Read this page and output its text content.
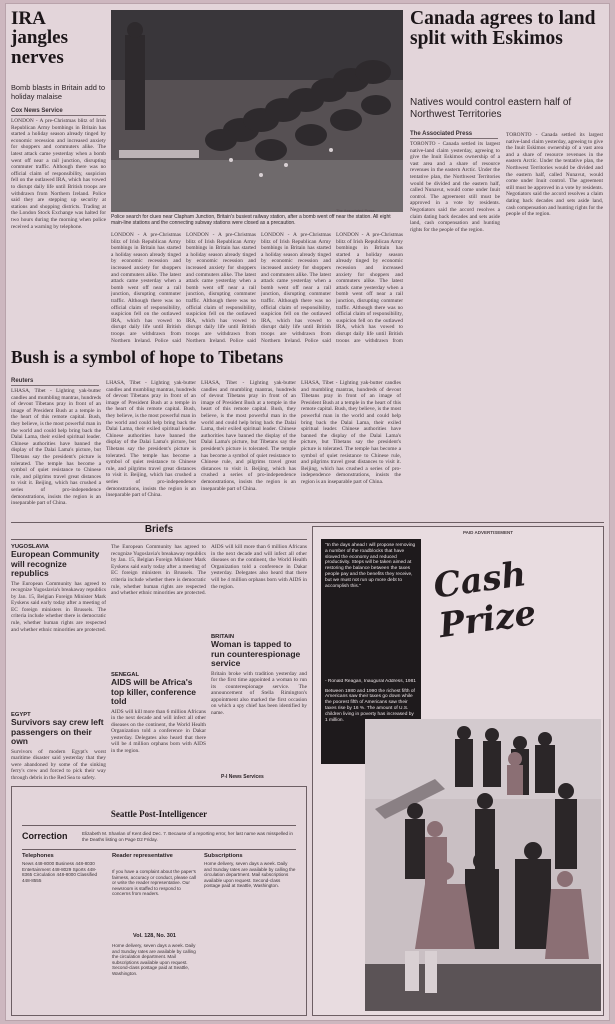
IRA jangles nerves
Bomb blasts in Britain add to holiday malaise
Cox News Service
LONDON - A pre-Christmas blitz of Irish Republican Army bombings in Britain has started a holiday season already tinged by economic recession and increased anxiety for shoppers and commuters alike. The latest attack came yesterday when a bomb went off near a rail junction, disrupting commuter traffic. Although there was no official claim of responsibility, suspicion fell on the outlawed IRA, which has vowed to disrupt daily life until British troops are withdrawn from Northern Ireland. Police said they are stepping up security at stations and shopping districts. Trading at the London Stock Exchange was halted for two hours during the morning when police received a warning by telephone.
Police search for clues near Clapham Junction, Britain's busiest railway station, after a bomb went off near the station. All eight main-line stations and the connecting subway stations were closed as a precaution.
The Associated Press
LONDON - A pre-Christmas blitz of Irish Republican Army bombings in Britain has started a holiday season already tinged by economic recession and increased anxiety for shoppers and commuters alike. The latest attack came yesterday when a bomb went off near a rail junction, disrupting commuter traffic. Although there was no official claim of responsibility, suspicion fell on the outlawed IRA, which has vowed to disrupt daily life until British troops are withdrawn from Northern Ireland. Police said
LONDON - A pre-Christmas blitz of Irish Republican Army bombings in Britain has started a holiday season already tinged by economic recession and increased anxiety for shoppers and commuters alike. The latest attack came yesterday when a bomb went off near a rail junction, disrupting commuter traffic. Although there was no official claim of responsibility, suspicion fell on the outlawed IRA, which has vowed to disrupt daily life until British troops are withdrawn from Northern Ireland. Police said
LONDON - A pre-Christmas blitz of Irish Republican Army bombings in Britain has started a holiday season already tinged by economic recession and increased anxiety for shoppers and commuters alike. The latest attack came yesterday when a bomb went off near a rail junction, disrupting commuter traffic. Although there was no official claim of responsibility, suspicion fell on the outlawed IRA, which has vowed to disrupt daily life until British troops are withdrawn from Northern Ireland. Police said
LONDON - A pre-Christmas blitz of Irish Republican Army bombings in Britain has started a holiday season already tinged by economic recession and increased anxiety for shoppers and commuters alike. The latest attack came yesterday when a bomb went off near a rail junction, disrupting commuter traffic. Although there was no official claim of responsibility, suspicion fell on the outlawed IRA, which has vowed to disrupt daily life until British troops are withdrawn from
Canada agrees to land split with Eskimos
Natives would control eastern half of Northwest Territories
The Associated Press
TORONTO - Canada settled its largest native-land claim yesterday, agreeing to give the Inuit Eskimos ownership of a vast area and a share of resource revenues in the eastern Arctic. Under the tentative plan, the Northwest Territories would be divided and the eastern half, called Nunavut, would come under Inuit control. The agreement still must be approved in a vote by residents. Negotiators said the accord resolves a claim dating back decades and sets aside land, cash compensation and hunting rights for the people of the region.
TORONTO - Canada settled its largest native-land claim yesterday, agreeing to give the Inuit Eskimos ownership of a vast area and a share of resource revenues in the eastern Arctic. Under the tentative plan, the Northwest Territories would be divided and the eastern half, called Nunavut, would come under Inuit control. The agreement still must be approved in a vote by residents. Negotiators said the accord resolves a claim dating back decades and sets aside land, cash compensation and hunting rights for the people of the region.
Bush is a symbol of hope to Tibetans
Reuters
LHASA, Tibet - Lighting yak-butter candles and mumbling mantras, hundreds of devout Tibetans pray in front of an image of President Bush at a temple in the heart of this remote capital. Bush, they believe, is the most powerful man in the world and could help bring back the Dalai Lama, their exiled spiritual leader. Chinese authorities have banned the display of the Dalai Lama's picture, but Tibetans say the president's picture is tolerated. The temple has become a symbol of quiet resistance to Chinese rule, and pilgrims travel great distances to visit it. Beijing, which has crushed a series of pro-independence demonstrations, insists the region is an inseparable part of China.
LHASA, Tibet - Lighting yak-butter candles and mumbling mantras, hundreds of devout Tibetans pray in front of an image of President Bush at a temple in the heart of this remote capital. Bush, they believe, is the most powerful man in the world and could help bring back the Dalai Lama, their exiled spiritual leader. Chinese authorities have banned the display of the Dalai Lama's picture, but Tibetans say the president's picture is tolerated. The temple has become a symbol of quiet resistance to Chinese rule, and pilgrims travel great distances to visit it. Beijing, which has crushed a series of pro-independence demonstrations, insists the region is an inseparable part of China.
LHASA, Tibet - Lighting yak-butter candles and mumbling mantras, hundreds of devout Tibetans pray in front of an image of President Bush at a temple in the heart of this remote capital. Bush, they believe, is the most powerful man in the world and could help bring back the Dalai Lama, their exiled spiritual leader. Chinese authorities have banned the display of the Dalai Lama's picture, but Tibetans say the president's picture is tolerated. The temple has become a symbol of quiet resistance to Chinese rule, and pilgrims travel great distances to visit it. Beijing, which has crushed a series of pro-independence demonstrations, insists the region is an inseparable part of China.
LHASA, Tibet - Lighting yak-butter candles and mumbling mantras, hundreds of devout Tibetans pray in front of an image of President Bush at a temple in the heart of this remote capital. Bush, they believe, is the most powerful man in the world and could help bring back the Dalai Lama, their exiled spiritual leader. Chinese authorities have banned the display of the Dalai Lama's picture, but Tibetans say the president's picture is tolerated. The temple has become a symbol of quiet resistance to Chinese rule, and pilgrims travel great distances to visit it. Beijing, which has crushed a series of pro-independence demonstrations, insists the region is an inseparable part of China.
Briefs
YUGOSLAVIA
European Community will recognize republics
The European Community has agreed to recognize Yugoslavia's breakaway republics by Jan. 15, Belgian Foreign Minister Mark Eyskens said early today after a meeting of EC foreign ministers in Brussels. The criteria include whether there is democratic rule, whether human rights are respected and whether ethnic minorities are protected.
EGYPT
Survivors say crew left passengers on their own
Survivors of modern Egypt's worst maritime disaster said yesterday that they were abandoned by some of the sinking ferry's crew and forced to pick their way through debris in the Red Sea to safety.
The European Community has agreed to recognize Yugoslavia's breakaway republics by Jan. 15, Belgian Foreign Minister Mark Eyskens said early today after a meeting of EC foreign ministers in Brussels. The criteria include whether there is democratic rule, whether human rights are respected and whether ethnic minorities are protected.
SENEGAL
AIDS will be Africa's top killer, conference told
AIDS will kill more than 6 million Africans in the next decade and will infect all other diseases on the continent, the World Health Organization told a conference in Dakar yesterday. Delegates also heard that there will be 4 million orphans born with AIDS in the region.
AIDS will kill more than 6 million Africans in the next decade and will infect all other diseases on the continent, the World Health Organization told a conference in Dakar yesterday. Delegates also heard that there will be 4 million orphans born with AIDS in the region.
BRITAIN
Woman is tapped to run counterespionage service
Britain broke with tradition yesterday and for the first time appointed a woman to run its counterespionage service. The announcement of Stella Rimington's appointment also marked the first occasion on which a spy chief has been identified by name.
P-I News Services
Seattle Post-Intelligencer
Correction	Elizabeth M. Shanlan of Kent died Dec. 7. Because of a reporting error, her last name was misspelled in the Deaths listing on Page D2 Friday.
Telephones
News 448-8000 Business 448-8030 Entertainment 448-8029 Sports 448-8365 Circulation 448-8000 Classified 448-8555
Reader representative
If you have a complaint about the paper's fairness, accuracy or conduct, please call or write the reader representative. Our newsroom is staffed to respond to concerns from readers.
Vol. 128, No. 301
Home delivery, seven days a week. Daily and Sunday rates are available by calling the circulation department. Mail subscriptions available upon request. Second-class postage paid at Seattle, Washington.
Subscriptions
Home delivery, seven days a week. Daily and Sunday rates are available by calling the circulation department. Mail subscriptions available upon request. Second-class postage paid at Seattle, Washington.
PAID ADVERTISEMENT
"In the days ahead I will propose removing a number of the roadblocks that have slowed the economy and reduced productivity. Steps will be taken aimed at restoring the balance between the taxes people pay and the benefits they receive, but we must not run up more debt to accomplish this."
- Ronald Reagan, Inaugural Address, 1981
Between 1980 and 1990 the richest fifth of Americans saw their taxes go down while the poorest fifth of Americans saw their taxes rise by 16 %. The amount of U.S. children living in poverty has increased by 1 million.
Cash Prize
